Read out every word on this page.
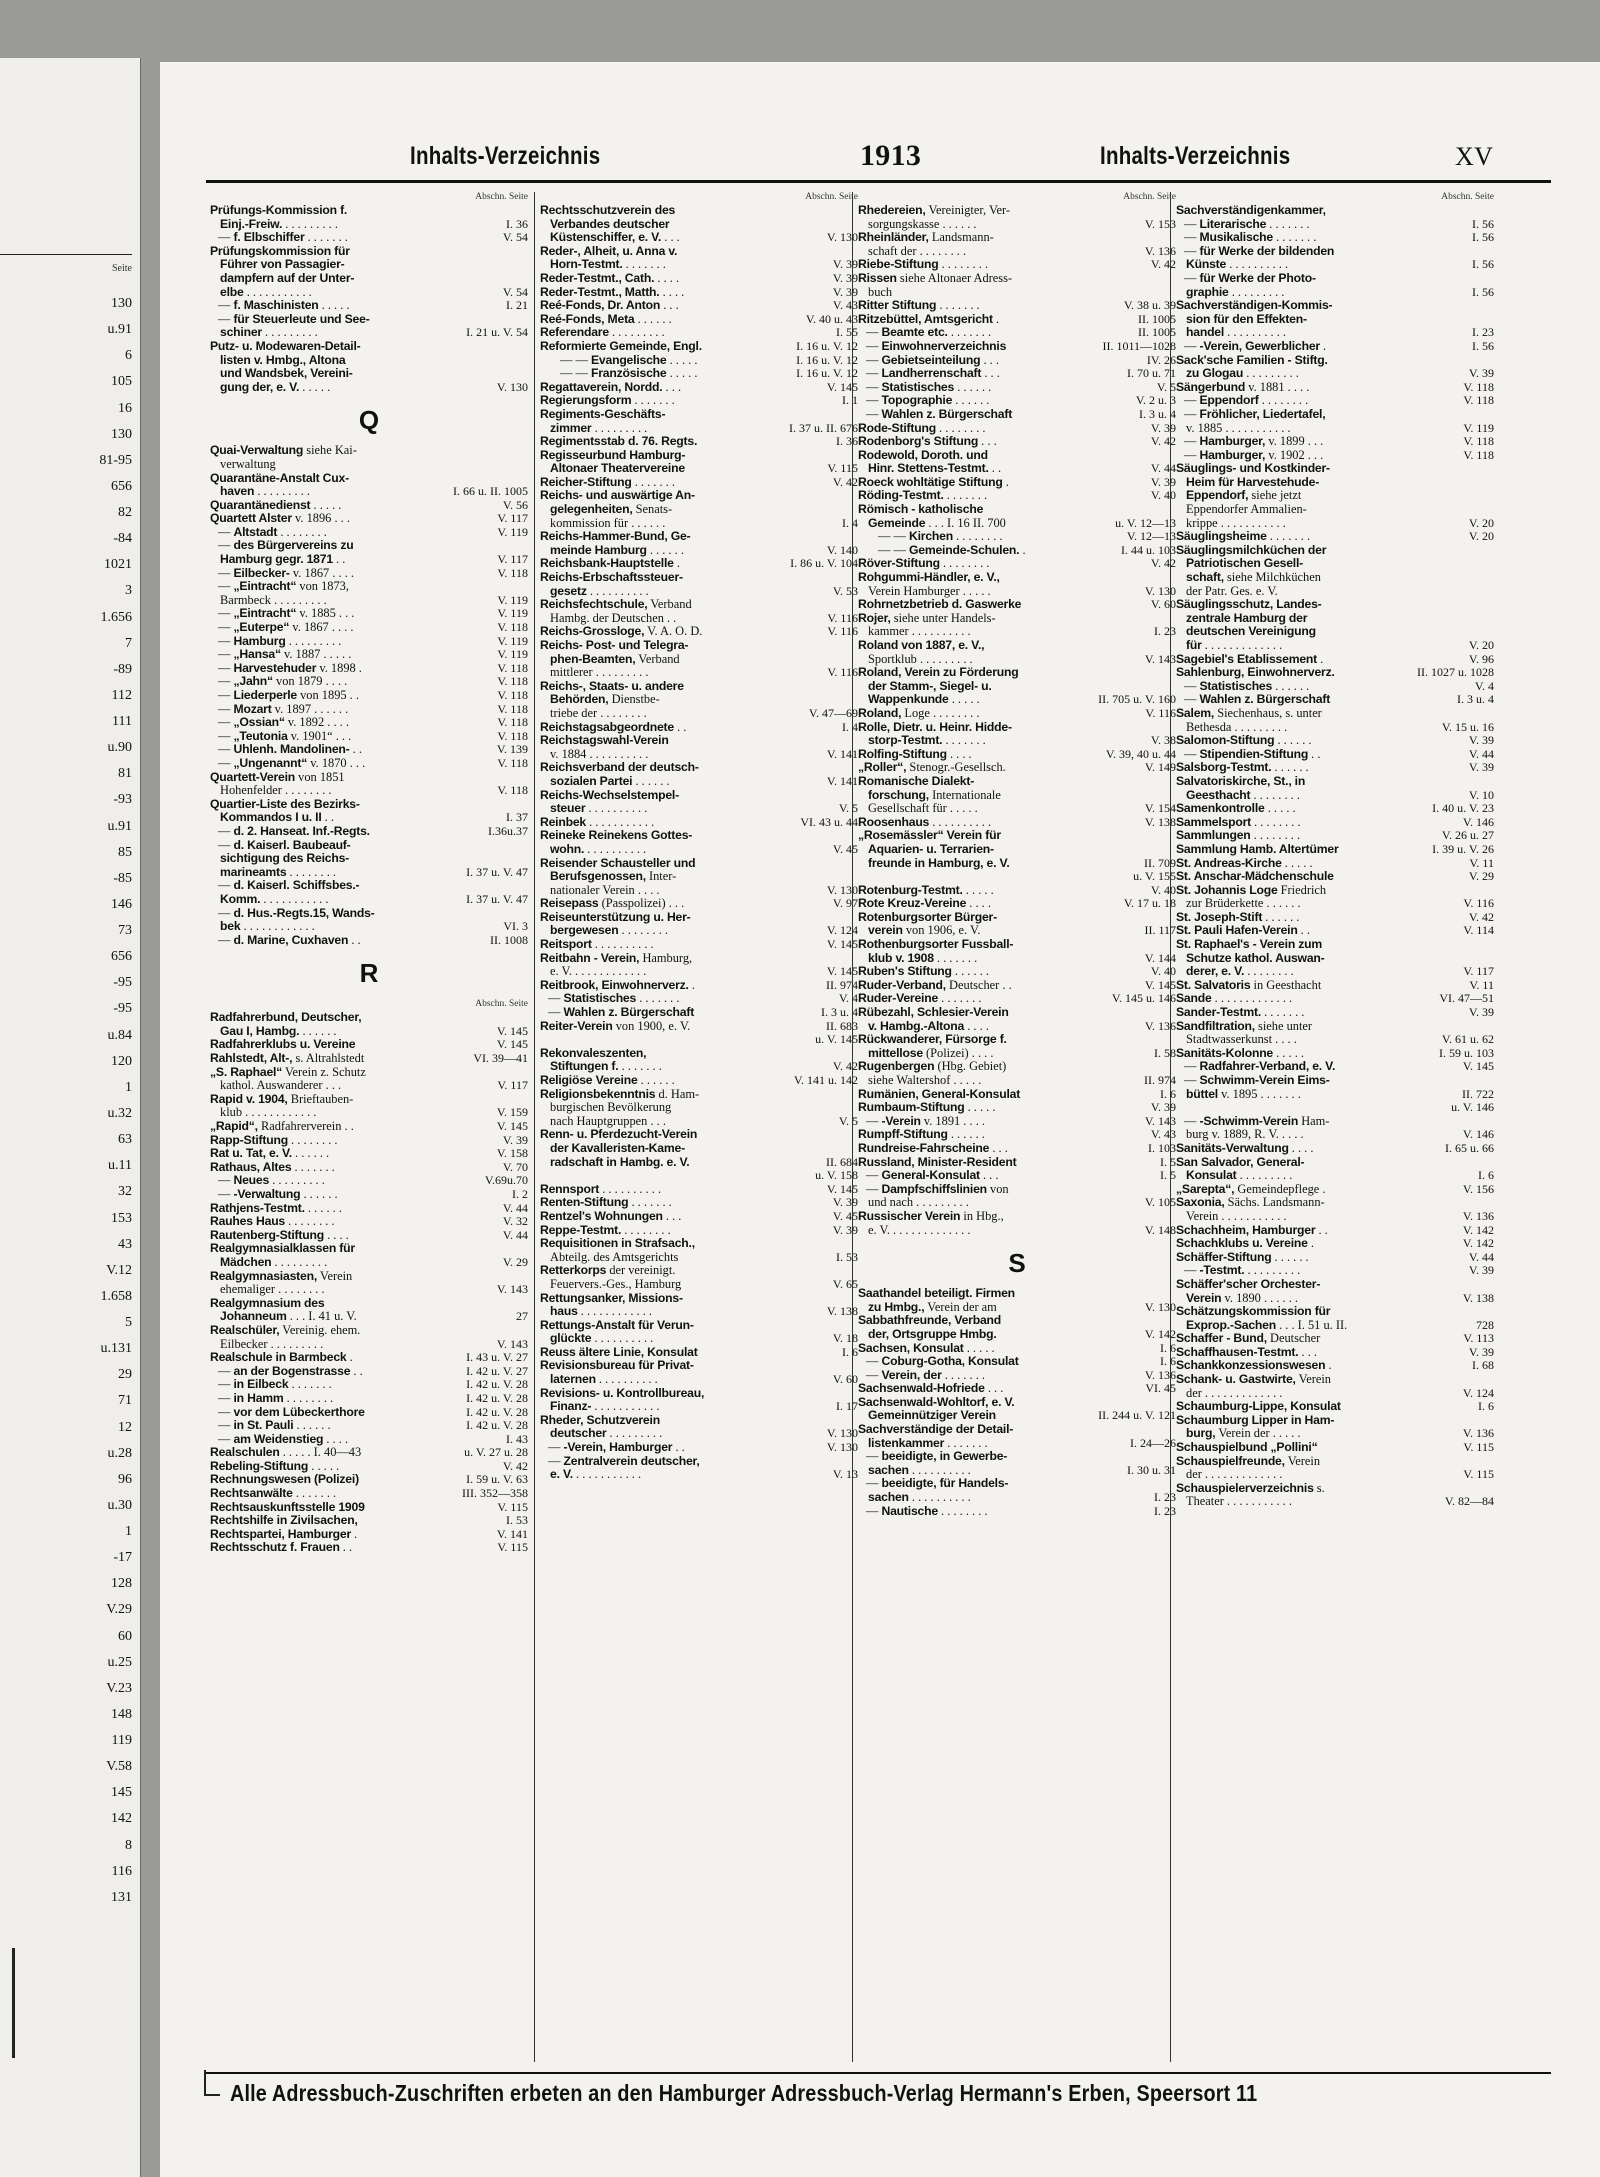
Seite
130
u.91
6
105
16
130
81-95
656
82
-84
1021
3
1.656
7
-89
112
111
u.90
81
-93
u.91
85
-85
146
73
656
-95
-95
u.84
120
1
u.32
63
u.11
32
153
43
V.12
1.658
5
u.131
29
71
12
u.28
96
u.30
1
-17
128
V.29
60
u.25
V.23
148
119
V.58
145
142
8
116
131
Inhalts-Verzeichnis	1913	Inhalts-Verzeichnis	XV
Abschn. Seite
Prüfungs-Kommission f.
Einj.-Freiw. . . . . . . . . .	I. 36
— f. Elbschiffer . . . . . . .	V. 54
Prüfungskommission für
Führer von Passagier-
dampfern auf der Unter-
elbe . . . . . . . . . . .	V. 54
— f. Maschinisten . . . . .	I. 21
— für Steuerleute und See-
schiner . . . . . . . . .	I. 21 u. V. 54
Putz- u. Modewaren-Detail-
listen v. Hmbg., Altona
und Wandsbek, Vereini-
gung der, e. V. . . . . .	V. 130
Q
Quai-Verwaltung siehe Kai-
verwaltung
Quarantäne-Anstalt Cux-
haven . . . . . . . . .	I. 66 u. II. 1005
Quarantänedienst . . . . .	V. 56
Quartett Alster v. 1896 . . .	V. 117
— Altstadt . . . . . . . .	V. 119
— des Bürgervereins zu
Hamburg gegr. 1871 . .	V. 117
— Eilbecker- v. 1867 . . . .	V. 118
— „Eintracht“ von 1873,
Barmbeck . . . . . . . . .	V. 119
— „Eintracht“ v. 1885 . . .	V. 119
— „Euterpe“ v. 1867 . . . .	V. 118
— Hamburg . . . . . . . . .	V. 119
— „Hansa“ v. 1887 . . . . .	V. 119
— Harvestehuder v. 1898 .	V. 118
— „Jahn“ von 1879 . . . .	V. 118
— Liederperle von 1895 . .	V. 118
— Mozart v. 1897 . . . . . .	V. 118
— „Ossian“ v. 1892 . . . .	V. 118
— „Teutonia v. 1901“ . . .	V. 118
— Uhlenh. Mandolinen- . .	V. 139
— „Ungenannt“ v. 1870 . . .	V. 118
Quartett-Verein von 1851
Hohenfelder . . . . . . . .	V. 118
Quartier-Liste des Bezirks-
Kommandos I u. II . .	I. 37
— d. 2. Hanseat. Inf.-Regts.	I.36u.37
— d. Kaiserl. Baubeauf-
sichtigung des Reichs-
marineamts . . . . . . . .	I. 37 u. V. 47
— d. Kaiserl. Schiffsbes.-
Komm. . . . . . . . . . . .	I. 37 u. V. 47
— d. Hus.-Regts.15, Wands-
bek . . . . . . . . . . . .	VI. 3
— d. Marine, Cuxhaven . .	II. 1008
R
Abschn. Seite
Radfahrerbund, Deutscher,
Gau I, Hambg. . . . . . .	V. 145
Radfahrerklubs u. Vereine	V. 145
Rahlstedt, Alt-, s. Altrahlstedt	VI. 39—41
„S. Raphael“ Verein z. Schutz
kathol. Auswanderer . . .	V. 117
Rapid v. 1904, Brieftauben-
klub . . . . . . . . . . . .	V. 159
„Rapid“, Radfahrerverein . .	V. 145
Rapp-Stiftung . . . . . . . .	V. 39
Rat u. Tat, e. V. . . . . . .	V. 158
Rathaus, Altes . . . . . . .	V. 70
— Neues . . . . . . . . .	V.69u.70
— -Verwaltung . . . . . .	I. 2
Rathjens-Testmt. . . . . . .	V. 44
Rauhes Haus . . . . . . . .	V. 32
Rautenberg-Stiftung . . . .	V. 44
Realgymnasialklassen für
Mädchen . . . . . . . . .	V. 29
Realgymnasiasten, Verein
ehemaliger . . . . . . . .	V. 143
Realgymnasium des
Johanneum . . . I. 41 u. V.	27
Realschüler, Vereinig. ehem.
Eilbecker . . . . . . . . .	V. 143
Realschule in Barmbeck .	I. 43 u. V. 27
— an der Bogenstrasse . .	I. 42 u. V. 27
— in Eilbeck . . . . . . .	I. 42 u. V. 28
— in Hamm . . . . . . . .	I. 42 u. V. 28
— vor dem Lübeckerthore	I. 42 u. V. 28
— in St. Pauli . . . . . .	I. 42 u. V. 28
— am Weidenstieg . . . .	I. 43
Realschulen . . . . . I. 40—43	u. V. 27 u. 28
Rebeling-Stiftung . . . . .	V. 42
Rechnungswesen (Polizei)	I. 59 u. V. 63
Rechtsanwälte . . . . . . .	III. 352—358
Rechtsauskunftsstelle 1909	V. 115
Rechtshilfe in Zivilsachen,	I. 53
Rechtspartei, Hamburger .	V. 141
Rechtsschutz f. Frauen . .	V. 115
Abschn. Seite
Rechtsschutzverein des
Verbandes deutscher
Küstenschiffer, e. V. . . .	V. 130
Reder-, Alheit, u. Anna v.
Horn-Testmt. . . . . . . .	V. 39
Reder-Testmt., Cath. . . . .	V. 39
Reder-Testmt., Matth. . . . .	V. 39
Reé-Fonds, Dr. Anton . . .	V. 43
Reé-Fonds, Meta . . . . . .	V. 40 u. 43
Referendare . . . . . . . . .	I. 55
Reformierte Gemeinde, Engl.	I. 16 u. V. 12
— — Evangelische . . . . .	I. 16 u. V. 12
— — Französische . . . . .	I. 16 u. V. 12
Regattaverein, Nordd. . . .	V. 145
Regierungsform . . . . . . .	I. 1
Regiments-Geschäfts-
zimmer . . . . . . . . .	I. 37 u. II. 676
Regimentsstab d. 76. Regts.	I. 36
Regisseurbund Hamburg-
Altonaer Theatervereine	V. 115
Reicher-Stiftung . . . . . . .	V. 42
Reichs- und auswärtige An-
gelegenheiten, Senats-
kommission für . . . . . .	I. 4
Reichs-Hammer-Bund, Ge-
meinde Hamburg . . . . . .	V. 140
Reichsbank-Hauptstelle .	I. 86 u. V. 104
Reichs-Erbschaftssteuer-
gesetz . . . . . . . . . .	V. 53
Reichsfechtschule, Verband
Hambg. der Deutschen . .	V. 116
Reichs-Grossloge, V. A. O. D.	V. 116
Reichs- Post- und Telegra-
phen-Beamten, Verband
mittlerer . . . . . . . . .	V. 116
Reichs-, Staats- u. andere
Behörden, Dienstbe-
triebe der . . . . . . . .	V. 47—69
Reichstagsabgeordnete . .	I. 4
Reichstagswahl-Verein
v. 1884 . . . . . . . . . .	V. 141
Reichsverband der deutsch-
sozialen Partei . . . . . .	V. 141
Reichs-Wechselstempel-
steuer . . . . . . . . . .	V. 5
Reinbek . . . . . . . . . . .	VI. 43 u. 44
Reineke Reinekens Gottes-
wohn. . . . . . . . . . .	V. 45
Reisender Schausteller und
Berufsgenossen, Inter-
nationaler Verein . . . .	V. 130
Reisepass (Passpolizei) . . .	V. 97
Reiseunterstützung u. Her-
bergewesen . . . . . . . .	V. 124
Reitsport . . . . . . . . . .	V. 145
Reitbahn - Verein, Hamburg,
e. V. . . . . . . . . . . . .	V. 145
Reitbrook, Einwohnerverz. .	II. 974
— Statistisches . . . . . . .	V. 4
— Wahlen z. Bürgerschaft	I. 3 u. 4
Reiter-Verein von 1900, e. V.	II. 683
u. V. 145
Rekonvaleszenten,
Stiftungen f. . . . . . . .	V. 42
Religiöse Vereine . . . . . .	V. 141 u. 142
Religionsbekenntnis d. Ham-
burgischen Bevölkerung
nach Hauptgruppen . . .	V. 5
Renn- u. Pferdezucht-Verein
der Kavalleristen-Kame-
radschaft in Hambg. e. V.	II. 684
u. V. 158
Rennsport . . . . . . . . . .	V. 145
Renten-Stiftung . . . . . . .	V. 39
Rentzel's Wohnungen . . .	V. 45
Reppe-Testmt. . . . . . . . .	V. 39
Requisitionen in Strafsach.,
Abteilg. des Amtsgerichts	I. 53
Retterkorps der vereinigt.
Feuervers.-Ges., Hamburg	V. 65
Rettungsanker, Missions-
haus . . . . . . . . . . . .	V. 138
Rettungs-Anstalt für Verun-
glückte . . . . . . . . . .	V. 18
Reuss ältere Linie, Konsulat	I. 6
Revisionsbureau für Privat-
laternen . . . . . . . . . .	V. 60
Revisions- u. Kontrollbureau,
Finanz- . . . . . . . . . . .	I. 17
Rheder, Schutzverein
deutscher . . . . . . . . .	V. 130
— -Verein, Hamburger . .	V. 130
— Zentralverein deutscher,
e. V. . . . . . . . . . . .	V. 13
Abschn. Seite
Rhedereien, Vereinigter, Ver-
sorgungskasse . . . . . .	V. 153
Rheinländer, Landsmann-
schaft der . . . . . . . .	V. 136
Riebe-Stiftung . . . . . . . .	V. 42
Rissen siehe Altonaer Adress-
buch
Ritter Stiftung . . . . . . .	V. 38 u. 39
Ritzebüttel, Amtsgericht .	II. 1005
— Beamte etc. . . . . . . .	II. 1005
— Einwohnerverzeichnis	II. 1011—1028
— Gebietseinteilung . . .	IV. 26
— Landherrenschaft . . .	I. 70 u. 71
— Statistisches . . . . . .	V. 5
— Topographie . . . . . .	V. 2 u. 3
— Wahlen z. Bürgerschaft	I. 3 u. 4
Rode-Stiftung . . . . . . . .	V. 39
Rodenborg's Stiftung . . .	V. 42
Rodewold, Doroth. und
Hinr. Stettens-Testmt. . .	V. 44
Roeck wohltätige Stiftung .	V. 39
Röding-Testmt. . . . . . . .	V. 40
Römisch - katholische
Gemeinde . . . I. 16 II. 700	u. V. 12—13
— — Kirchen . . . . . . . .	V. 12—13
— — Gemeinde-Schulen. .	I. 44 u. 103
Röver-Stiftung . . . . . . . .	V. 42
Rohgummi-Händler, e. V.,
Verein Hamburger . . . . .	V. 130
Rohrnetzbetrieb d. Gaswerke	V. 60
Rojer, siehe unter Handels-
kammer . . . . . . . . . .	I. 23
Roland von 1887, e. V.,
Sportklub . . . . . . . . .	V. 143
Roland, Verein zu Förderung
der Stamm-, Siegel- u.
Wappenkunde . . . . .	II. 705 u. V. 160
Roland, Loge . . . . . . . .	V. 116
Rolle, Dietr. u. Heinr. Hidde-
storp-Testmt. . . . . . . .	V. 38
Rolfing-Stiftung . . . .	V. 39, 40 u. 44
„Roller“, Stenogr.-Gesellsch.	V. 149
Romanische Dialekt-
forschung, Internationale
Gesellschaft für . . . . .	V. 154
Roosenhaus . . . . . . . . . .	V. 138
„Rosemässler“ Verein für
Aquarien- u. Terrarien-
freunde in Hamburg, e. V.	II. 709
u. V. 155
Rotenburg-Testmt. . . . . .	V. 40
Rote Kreuz-Vereine . . . .	V. 17 u. 18
Rotenburgsorter Bürger-
verein von 1906, e. V.	II. 117
Rothenburgsorter Fussball-
klub v. 1908 . . . . . . .	V. 144
Ruben's Stiftung . . . . . .	V. 40
Ruder-Verband, Deutscher . .	V. 145
Ruder-Vereine . . . . . . .	V. 145 u. 146
Rübezahl, Schlesier-Verein
v. Hambg.-Altona . . . .	V. 136
Rückwanderer, Fürsorge f.
mittellose (Polizei) . . . .	I. 58
Rugenbergen (Hbg. Gebiet)
siehe Waltershof . . . . .	II. 974
Rumänien, General-Konsulat	I. 6
Rumbaum-Stiftung . . . . .	V. 39
— -Verein v. 1891 . . . .	V. 143
Rumpff-Stiftung . . . . . .	V. 43
Rundreise-Fahrscheine . . .	I. 103
Russland, Minister-Resident	I. 5
— General-Konsulat . . .	I. 5
— Dampfschiffslinien von
und nach . . . . . . . . .	V. 105
Russischer Verein in Hbg.,
e. V. . . . . . . . . . . . . .	V. 148
S
Saathandel beteiligt. Firmen
zu Hmbg., Verein der am	V. 130
Sabbathfreunde, Verband
der, Ortsgruppe Hmbg.	V. 142
Sachsen, Konsulat . . . . .	I. 6
— Coburg-Gotha, Konsulat	I. 6
— Verein, der . . . . . . .	V. 136
Sachsenwald-Hofriede . . .	VI. 45
Sachsenwald-Wohltorf, e. V.
Gemeinnütziger Verein	II. 244 u. V. 121
Sachverständige der Detail-
listenkammer . . . . . . .	I. 24—26
— beeidigte, in Gewerbe-
sachen . . . . . . . . . .	I. 30 u. 31
— beeidigte, für Handels-
sachen . . . . . . . . . .	I. 23
— Nautische . . . . . . . .	I. 23
Abschn. Seite
Sachverständigenkammer,
— Literarische . . . . . . .	I. 56
— Musikalische . . . . . . .	I. 56
— für Werke der bildenden
Künste . . . . . . . . . .	I. 56
— für Werke der Photo-
graphie . . . . . . . . .	I. 56
Sachverständigen-Kommis-
sion für den Effekten-
handel . . . . . . . . . .	I. 23
— -Verein, Gewerblicher .	I. 56
Sack'sche Familien - Stiftg.
zu Glogau . . . . . . . . .	V. 39
Sängerbund v. 1881 . . . .	V. 118
— Eppendorf . . . . . . . .	V. 118
— Fröhlicher, Liedertafel,
v. 1885 . . . . . . . . . . .	V. 119
— Hamburger, v. 1899 . . .	V. 118
— Hamburger, v. 1902 . . .	V. 118
Säuglings- und Kostkinder-
Heim für Harvestehude-
Eppendorf, siehe jetzt
Eppendorfer Ammalien-
krippe . . . . . . . . . . .	V. 20
Säuglingsheime . . . . . . .	V. 20
Säuglingsmilchküchen der
Patriotischen Gesell-
schaft, siehe Milchküchen
der Patr. Ges. e. V.
Säuglingsschutz, Landes-
zentrale Hamburg der
deutschen Vereinigung
für . . . . . . . . . . . . .	V. 20
Sagebiel's Etablissement .	V. 96
Sahlenburg, Einwohnerverz.	II. 1027 u. 1028
— Statistisches . . . . . .	V. 4
— Wahlen z. Bürgerschaft	I. 3 u. 4
Salem, Siechenhaus, s. unter
Bethesda . . . . . . . . .	V. 15 u. 16
Salomon-Stiftung . . . . . .	V. 39
— Stipendien-Stiftung . .	V. 44
Salsborg-Testmt. . . . . . .	V. 39
Salvatoriskirche, St., in
Geesthacht . . . . . . . .	V. 10
Samenkontrolle . . . . .	I. 40 u. V. 23
Sammelsport . . . . . . . .	V. 146
Sammlungen . . . . . . . .	V. 26 u. 27
Sammlung Hamb. Altertümer	I. 39 u. V. 26
St. Andreas-Kirche . . . . .	V. 11
St. Anschar-Mädchenschule	V. 29
St. Johannis Loge Friedrich
zur Brüderkette . . . . . .	V. 116
St. Joseph-Stift . . . . . .	V. 42
St. Pauli Hafen-Verein . .	V. 114
St. Raphael's - Verein zum
Schutze kathol. Auswan-
derer, e. V. . . . . . . . .	V. 117
St. Salvatoris in Geesthacht	V. 11
Sande . . . . . . . . . . . . .	VI. 47—51
Sander-Testmt. . . . . . . .	V. 39
Sandfiltration, siehe unter
Stadtwasserkunst . . . .	V. 61 u. 62
Sanitäts-Kolonne . . . . .	I. 59 u. 103
— Radfahrer-Verband, e. V.	V. 145
— Schwimm-Verein Eims-
büttel v. 1895 . . . . . . .	II. 722
u. V. 146
— -Schwimm-Verein Ham-
burg v. 1889, R. V. . . . .	V. 146
Sanitäts-Verwaltung . . . .	I. 65 u. 66
San Salvador, General-
Konsulat . . . . . . . . .	I. 6
„Sarepta“, Gemeindepflege .	V. 156
Saxonia, Sächs. Landsmann-
Verein . . . . . . . . . . .	V. 136
Schachheim, Hamburger . .	V. 142
Schachklubs u. Vereine .	V. 142
Schäffer-Stiftung . . . . . .	V. 44
— -Testmt. . . . . . . . . .	V. 39
Schäffer'scher Orchester-
Verein v. 1890 . . . . . .	V. 138
Schätzungskommission für
Exprop.-Sachen . . . I. 51 u. II.	728
Schaffer - Bund, Deutscher	V. 113
Schaffhausen-Testmt. . . .	V. 39
Schankkonzessionswesen .	I. 68
Schank- u. Gastwirte, Verein
der . . . . . . . . . . . . .	V. 124
Schaumburg-Lippe, Konsulat	I. 6
Schaumburg Lipper in Ham-
burg, Verein der . . . . .	V. 136
Schauspielbund „Pollini“	V. 115
Schauspielfreunde, Verein
der . . . . . . . . . . . . .	V. 115
Schauspielerverzeichnis s.
Theater . . . . . . . . . . .	V. 82—84
Alle Adressbuch-Zuschriften erbeten an den Hamburger Adressbuch-Verlag Hermann's Erben, Speersort 11
